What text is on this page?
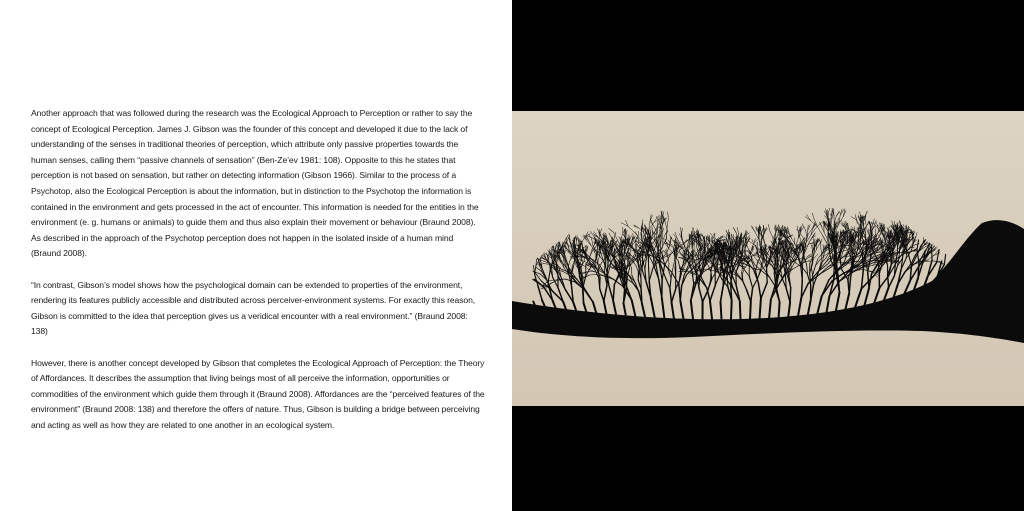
Another approach that was followed during the research was the Ecological Approach to Perception or rather to say the concept of Ecological Perception. James J. Gibson was the founder of this concept and developed it due to the lack of understanding of the senses in traditional theories of perception, which attribute only passive properties towards the human senses, calling them “passive channels of sensation” (Ben-Ze’ev 1981: 108). Opposite to this he states that perception is not based on sensation, but rather on detecting information (Gibson 1966). Similar to the process of a Psychotop, also the Ecological Perception is about the information, but in distinction to the Psychotop the information is contained in the environment and gets processed in the act of encounter. This information is needed for the entities in the environment (e. g. humans or animals) to guide them and thus also explain their movement or behaviour (Braund 2008). As described in the approach of the Psychotop perception does not happen in the isolated inside of a human mind (Braund 2008).

“In contrast, Gibson’s model shows how the psychological domain can be extended to properties of the environment, rendering its features publicly accessible and distributed across perceiver-environment systems. For exactly this reason, Gibson is committed to the idea that perception gives us a veridical encounter with a real environment.” (Braund 2008: 138)

However, there is another concept developed by Gibson that completes the Ecological Approach of Perception: the Theory of Affordances. It describes the assumption that living beings most of all perceive the information, opportunities or commodities of the environment which guide them through it (Braund 2008). Affordances are the “perceived features of the environment” (Braund 2008: 138) and therefore the offers of nature. Thus, Gibson is building a bridge between perceiving and acting as well as how they are related to one another in an ecological system.
